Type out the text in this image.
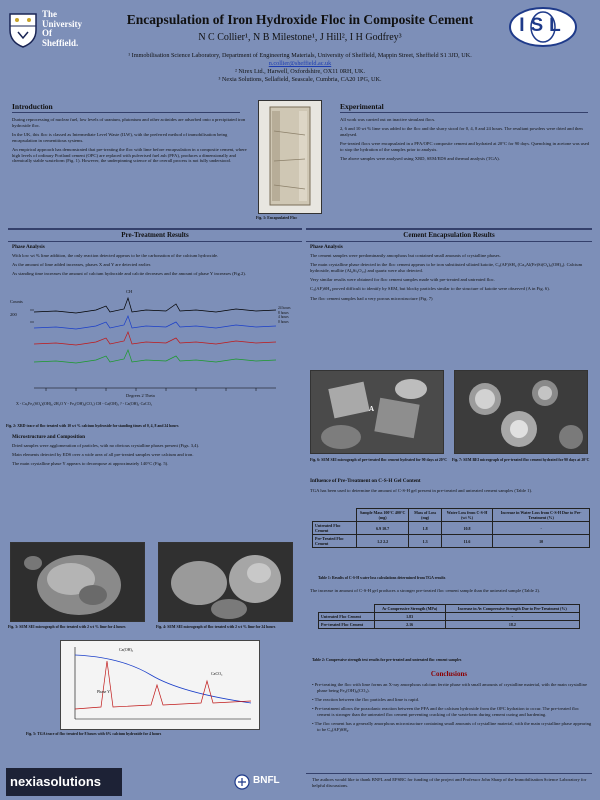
The
University
Of
Sheffield.
Encapsulation of Iron Hydroxide Floc in Composite Cement
N C Collier¹, N B Milestone¹, J Hill², I H Godfrey³
¹ Immobilisation Science Laboratory, Department of Engineering Materials, University of Sheffield, Mappin Street, Sheffield S1 3JD, UK. n.collier@sheffield.ac.uk
² Nirex Ltd., Harwell, Oxfordshire, OX11 0RH, UK.
³ Nexia Solutions, Sellafield, Seascale, Cumbria, CA20 1PG, UK.
ISL
Introduction

During reprocessing of nuclear fuel, low levels of uranium, plutonium and other actinides are adsorbed onto a precipitated iron hydroxide floc.

In the UK, this floc is classed as Intermediate Level Waste (ILW), with the preferred method of immobilisation being encapsulation in cementitious systems.

An empirical approach has demonstrated that pre-treating the floc with lime before encapsulation in a composite cement, where high levels of ordinary Portland cement (OPC) are replaced with pulverised fuel ash (PFA), produces a dimensionally and chemically stable wasteform (Fig. 1). However, the underpinning science of the overall process is not fully understood.

Fig. 1: Encapsulated Floc
Experimental

All work was carried out on inactive simulant flocs.

2, 6 and 10 wt % lime was added to the floc and the slurry stood for 0, 4, 8 and 24 hours. The resultant powders were dried and then analysed.

Pre-treated flocs were encapsulated in a PFA/OPC composite cement and hydrated at 20°C for 90 days. Quenching in acetone was used to stop the hydration of the samples prior to analysis.

The above samples were analysed using XRD, SEM/EDS and thermal analysis (TGA).

Pre-Treatment Results
Phase Analysis

With low wt % lime addition, the only reaction detected appears to be the carbonation of the calcium hydroxide.

As the amount of lime added increases, phases X and Y are detected earlier.

As standing time increases the amount of calcium hydroxide and calcite decreases and the amount of phase Y increases (Fig.2).

CH
Counts
200
24 hours
8 hours
4 hours
0 hours
Degrees 2 Theta
X - Ca₃Fe₂(SO₄)(OH)₈·2H₂O Y - Fe₃(OH)₆(CO₃) CH - Ca(OH)₂ ? - Ca(OH)₂·CaCO₃
Fig. 2: XRD trace of floc treated with 10 wt % calcium hydroxide for standing times of 0, 4, 8 and 24 hours
Microstructure and Composition

Dried samples were agglomeration of particles, with no obvious crystalline phases present (Figs. 3,4).

Main elements detected by EDS over a wide area of all pre-treated samples were calcium and iron.

The main crystalline phase Y appears to decompose at approximately 140°C (Fig. 5).

Fig. 3: SEM SEI micrograph of floc treated with 2 wt % lime for 4 hours	Fig. 4: SEM SEI micrograph of floc treated with 2 wt % lime for 24 hours
Ca(OH)₂
Phase Y
CaCO₃
Fig. 5: TGA trace of floc treated for 8 hours with 6% calcium hydroxide for 4 hours
Cement Encapsulation Results
Phase Analysis

The cement samples were predominantly amorphous but contained small amounts of crystalline phases.

The main crystalline phase detected in the floc cement appears to be iron substituted siliated katoite, C₃(AF)SH₄ (Ca₃Al(Fe)Si(O₄)₃(OH)₄). Calcium hydroxide, mullite (Al₆Si₂O₁₃) and quartz were also detected.

Very similar results were obtained for floc cement samples made with pre-treated and untreated floc.

C₃(AF)SH₄ proved difficult to identify by SEM, but blocky particles similar to the structure of katoite were observed (A in Fig. 6).

The floc cement samples had a very porous microstructure (Fig. 7)

A
Fig. 6: SEM SEI micrograph of pre-treated floc cement hydrated for 90 days at 20°C Fig. 7: SEM BEI micrograph of pre-treated floc cement hydrated for 90 days at 20°C
Influence of Pre-Treatment on C-S-H Gel Content
TGA has been used to determine the amount of C-S-H gel present in pre-treated and untreated cement samples (Table 1).
	Sample Mass 100°C 400°C (mg)	Mass of Loss (mg)	Water Loss from C-S-H (wt %)	Increase in Water Loss from C-S-H Due to Pre-Treatment (%)
Untreated Floc Cement	6.9 10.7	1.8	10.8	-
Pre-Treated Floc Cement	1.2 2.2	1.3	11.6	10
Table 1: Results of C-S-H water loss calculations determined from TGA results
The increase in amount of C-S-H gel produces a stronger pre-treated floc cement sample than the untreated sample (Table 2).
	Av Compressive Strength (MPa)	Increase in Av Compressive Strength Due to Pre-Treatment (%)
Untreated Floc Cement	1.83	-
Pre-treated Floc Cement	2.16	18.2
Table 2: Compressive strength test results for pre-treated and untreated floc cement samples
Conclusions
• Pre-treating the floc with lime forms an X-ray amorphous calcium ferrite phase with small amounts of crystalline material, with the main crystalline phase being Fe₃(OH)₆(CO₃).
• The reaction between the floc particles and lime is rapid.
• Pre-treatment allows the pozzolanic reaction between the PFA and the calcium hydroxide from the OPC hydration to occur. The pre-treated floc cement is stronger than the untreated floc cement preventing cracking of the wasteform during cement curing and hardening.
• The floc cement has a generally amorphous microstructure containing small amounts of crystalline material, with the main crystalline phase appearing to be C₃(AF)SH₄.
The authors would like to thank BNFL and EPSRC for funding of the project and Professor John Sharp of the Immobilisation Science Laboratory for helpful discussions.
nexiasolutions	BNFL
